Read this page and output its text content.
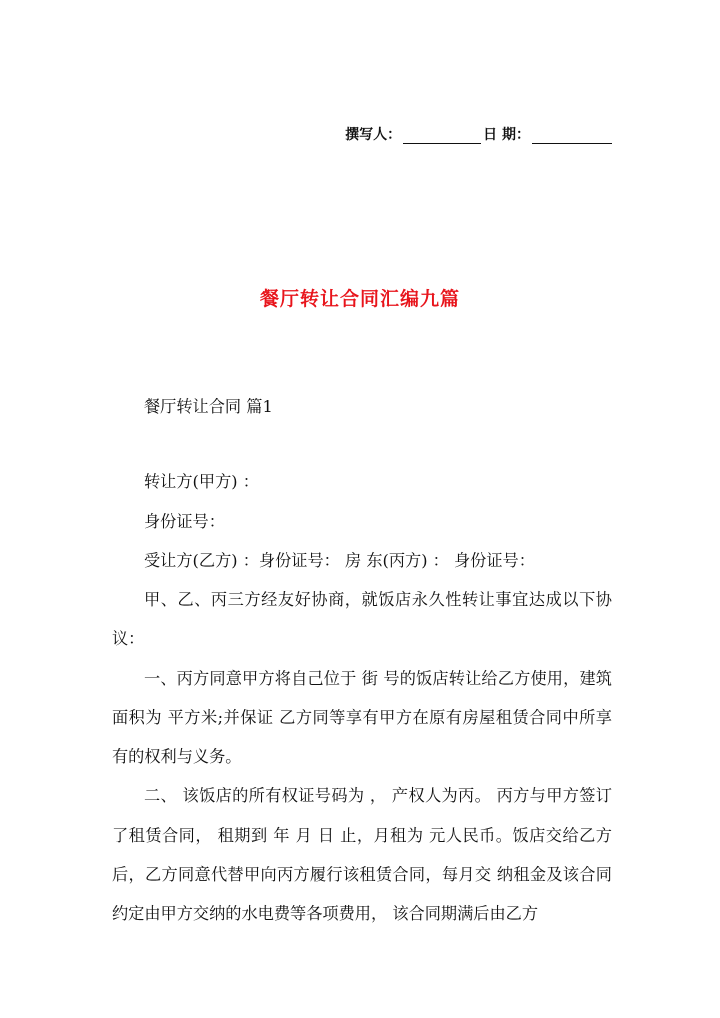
撰写人：	日 期：
餐厅转让合同汇编九篇
餐厅转让合同 篇1
转让方(甲方) ：
身份证号：
受让方(乙方) ：身份证号： 房 东(丙方) ： 身份证号：

甲、乙、丙三方经友好协商，就饭店永久性转让事宜达成以下协议：

一、丙方同意甲方将自己位于 街 号的饭店转让给乙方使用，建筑面积为 平方米;并保证 乙方同等享有甲方在原有房屋租赁合同中所享有的权利与义务。

二、 该饭店的所有权证号码为 ， 产权人为丙。 丙方与甲方签订了租赁合同， 租期到 年 月 日 止，月租为 元人民币。饭店交给乙方后，乙方同意代替甲向丙方履行该租赁合同，每月交 纳租金及该合同约定由甲方交纳的水电费等各项费用， 该合同期满后由乙方
